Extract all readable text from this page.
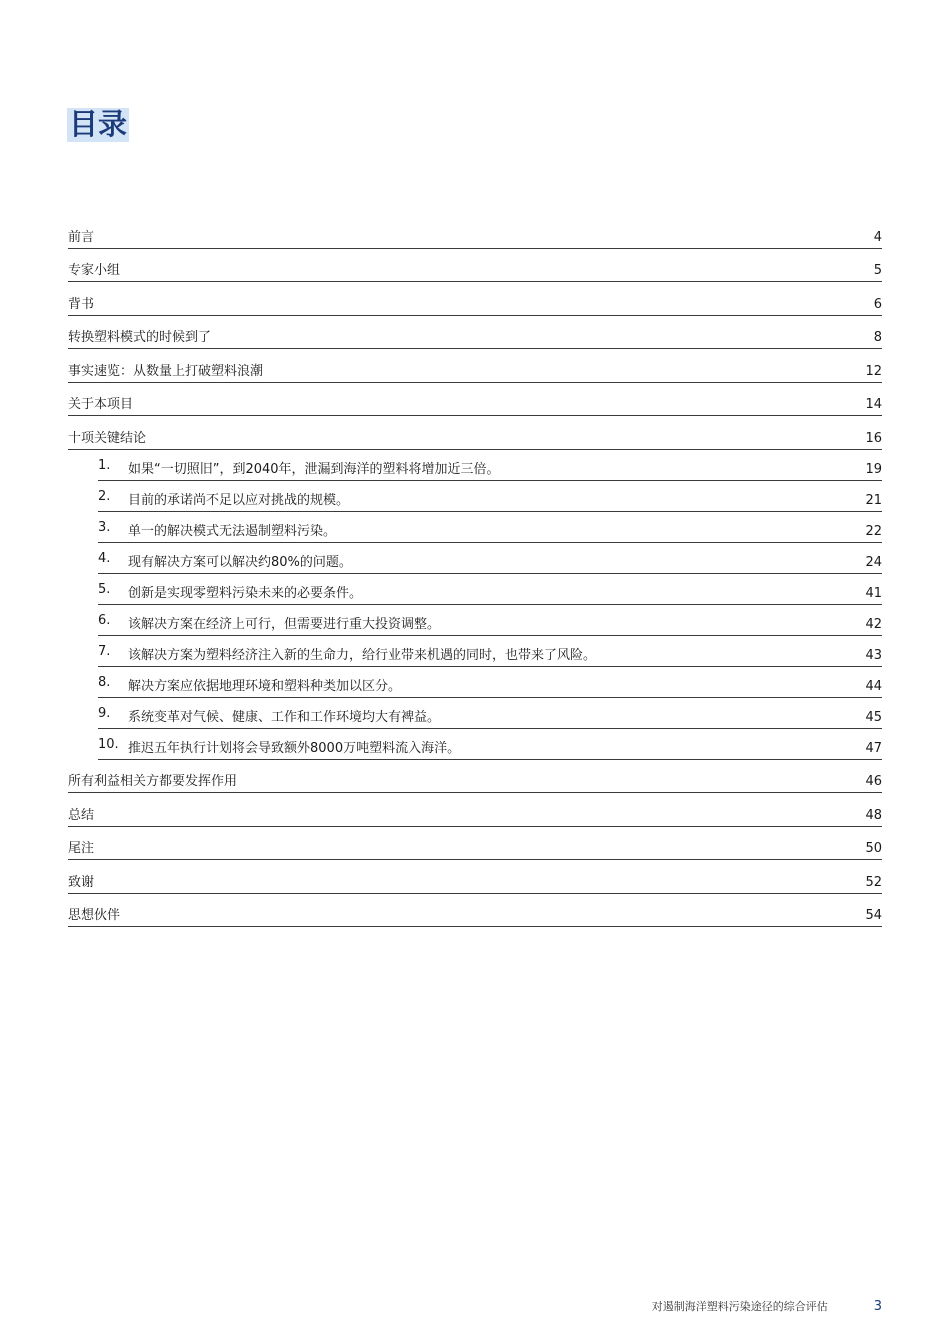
目录
前言	4
专家小组	5
背书	6
转换塑料模式的时候到了	8
事实速览：从数量上打破塑料浪潮	12
关于本项目	14
十项关键结论	16
1.	如果“一切照旧”，到2040年，泄漏到海洋的塑料将增加近三倍。	19
2.	目前的承诺尚不足以应对挑战的规模。	21
3.	单一的解决模式无法遏制塑料污染。	22
4.	现有解决方案可以解决约80%的问题。	24
5.	创新是实现零塑料污染未来的必要条件。	41
6.	该解决方案在经济上可行，但需要进行重大投资调整。	42
7.	该解决方案为塑料经济注入新的生命力，给行业带来机遇的同时，也带来了风险。	43
8.	解决方案应依据地理环境和塑料种类加以区分。	44
9.	系统变革对气候、健康、工作和工作环境均大有裨益。	45
10. 推迟五年执行计划将会导致额外8000万吨塑料流入海洋。	47
所有利益相关方都要发挥作用	46
总结	48
尾注	50
致谢	52
思想伙伴	54
对遏制海洋塑料污染途径的综合评估	3
